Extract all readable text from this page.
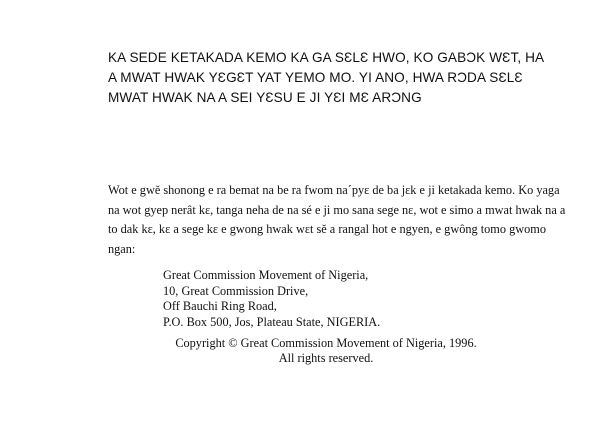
KA SEDE KETAKADA KEMO KA GA SƐLƐ HWO, KO GABƆK WƐT, HA
A MWAT HWAK YƐGƐT YAT YEMO MO. YI ANO, HWA RƆDA SƐLƐ
MWAT HWAK NA A SEI YƐSU E JI YƐI MƐ ARƆNG

Wot e gwě shonong e ra bemat na be ra fwom na´pyɛ de ba jɛk e ji ketakada kemo. Ko yaga
na wot gyep nerât kɛ, tanga neha de na sé e ji mo sana sege nɛ, wot e simo a mwat hwak na a
to dak kɛ, kɛ a sege kɛ e gwong hwak wɛt sě a rangal hot e ngyen, e gwông tomo gwomo
ngan:

Great Commission Movement of Nigeria,
10, Great Commission Drive,
Off Bauchi Ring Road,
P.O. Box 500, Jos, Plateau State, NIGERIA.

Copyright © Great Commission Movement of Nigeria, 1996.
All rights reserved.
